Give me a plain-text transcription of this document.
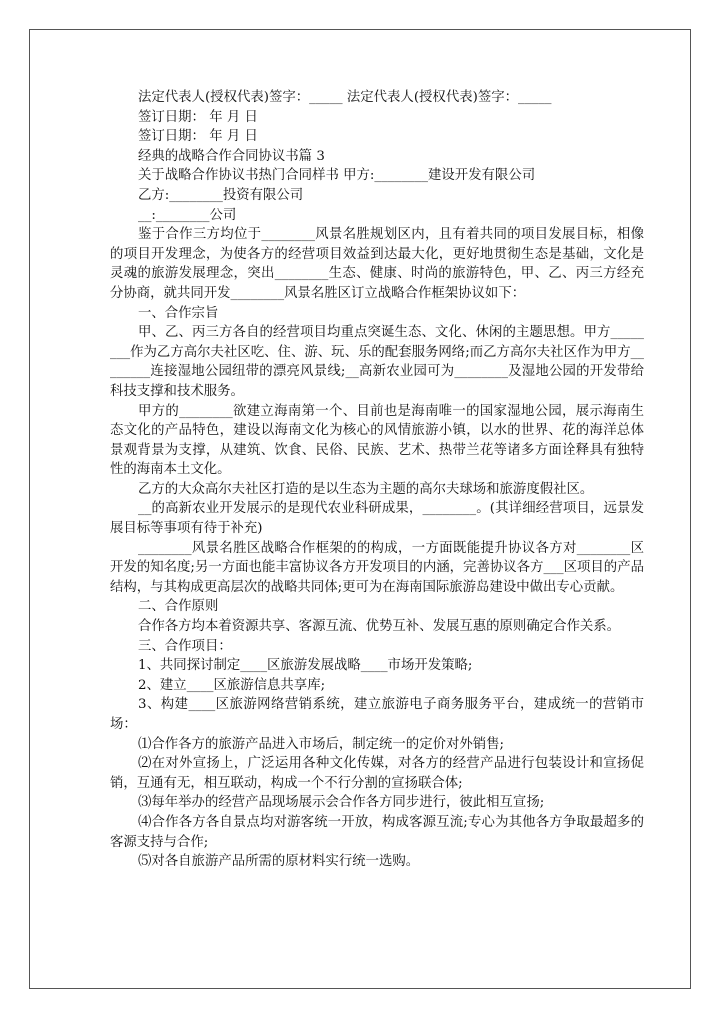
法定代表人(授权代表)签字：_____ 法定代表人(授权代表)签字：_____
签订日期： 年 月 日
签订日期： 年 月 日
经典的战略合作合同协议书篇 3
关于战略合作协议书热门合同样书 甲方:________建设开发有限公司
乙方:________投资有限公司
__:________公司
鉴于合作三方均位于________风景名胜规划区内，且有着共同的项目发展目标，相像的项目开发理念，为使各方的经营项目效益到达最大化，更好地贯彻生态是基础，文化是灵魂的旅游发展理念，突出________生态、健康、时尚的旅游特色，甲、乙、丙三方经充分协商，就共同开发________风景名胜区订立战略合作框架协议如下：
一、合作宗旨
甲、乙、丙三方各自的经营项目均重点突诞生态、文化、休闲的主题思想。甲方________作为乙方高尔夫社区吃、住、游、玩、乐的配套服务网络;而乙方高尔夫社区作为甲方________连接湿地公园纽带的漂亮风景线;__高新农业园可为________及湿地公园的开发带给科技支撑和技术服务。
甲方的________欲建立海南第一个、目前也是海南唯一的国家湿地公园，展示海南生态文化的产品特色，建设以海南文化为核心的风情旅游小镇，以水的世界、花的海洋总体景观背景为支撑，从建筑、饮食、民俗、民族、艺术、热带兰花等诸多方面诠释具有独特性的海南本土文化。
乙方的大众高尔夫社区打造的是以生态为主题的高尔夫球场和旅游度假社区。
__的高新农业开发展示的是现代农业科研成果，________。(其详细经营项目，远景发展目标等事项有待于补充)
________风景名胜区战略合作框架的的构成，一方面既能提升协议各方对________区开发的知名度;另一方面也能丰富协议各方开发项目的内涵，完善协议各方___区项目的产品结构，与其构成更高层次的战略共同体;更可为在海南国际旅游岛建设中做出专心贡献。
二、合作原则
合作各方均本着资源共享、客源互流、优势互补、发展互惠的原则确定合作关系。
三、合作项目：
1、共同探讨制定____区旅游发展战略____市场开发策略;
2、建立____区旅游信息共享库;
3、构建____区旅游网络营销系统，建立旅游电子商务服务平台，建成统一的营销市场：
⑴合作各方的旅游产品进入市场后，制定统一的定价对外销售;
⑵在对外宣扬上，广泛运用各种文化传媒，对各方的经营产品进行包装设计和宣扬促销，互通有无，相互联动，构成一个不行分割的宣扬联合体;
⑶每年举办的经营产品现场展示会合作各方同步进行，彼此相互宣扬;
⑷合作各方各自景点均对游客统一开放，构成客源互流;专心为其他各方争取最超多的客源支持与合作;
⑸对各自旅游产品所需的原材料实行统一选购。
